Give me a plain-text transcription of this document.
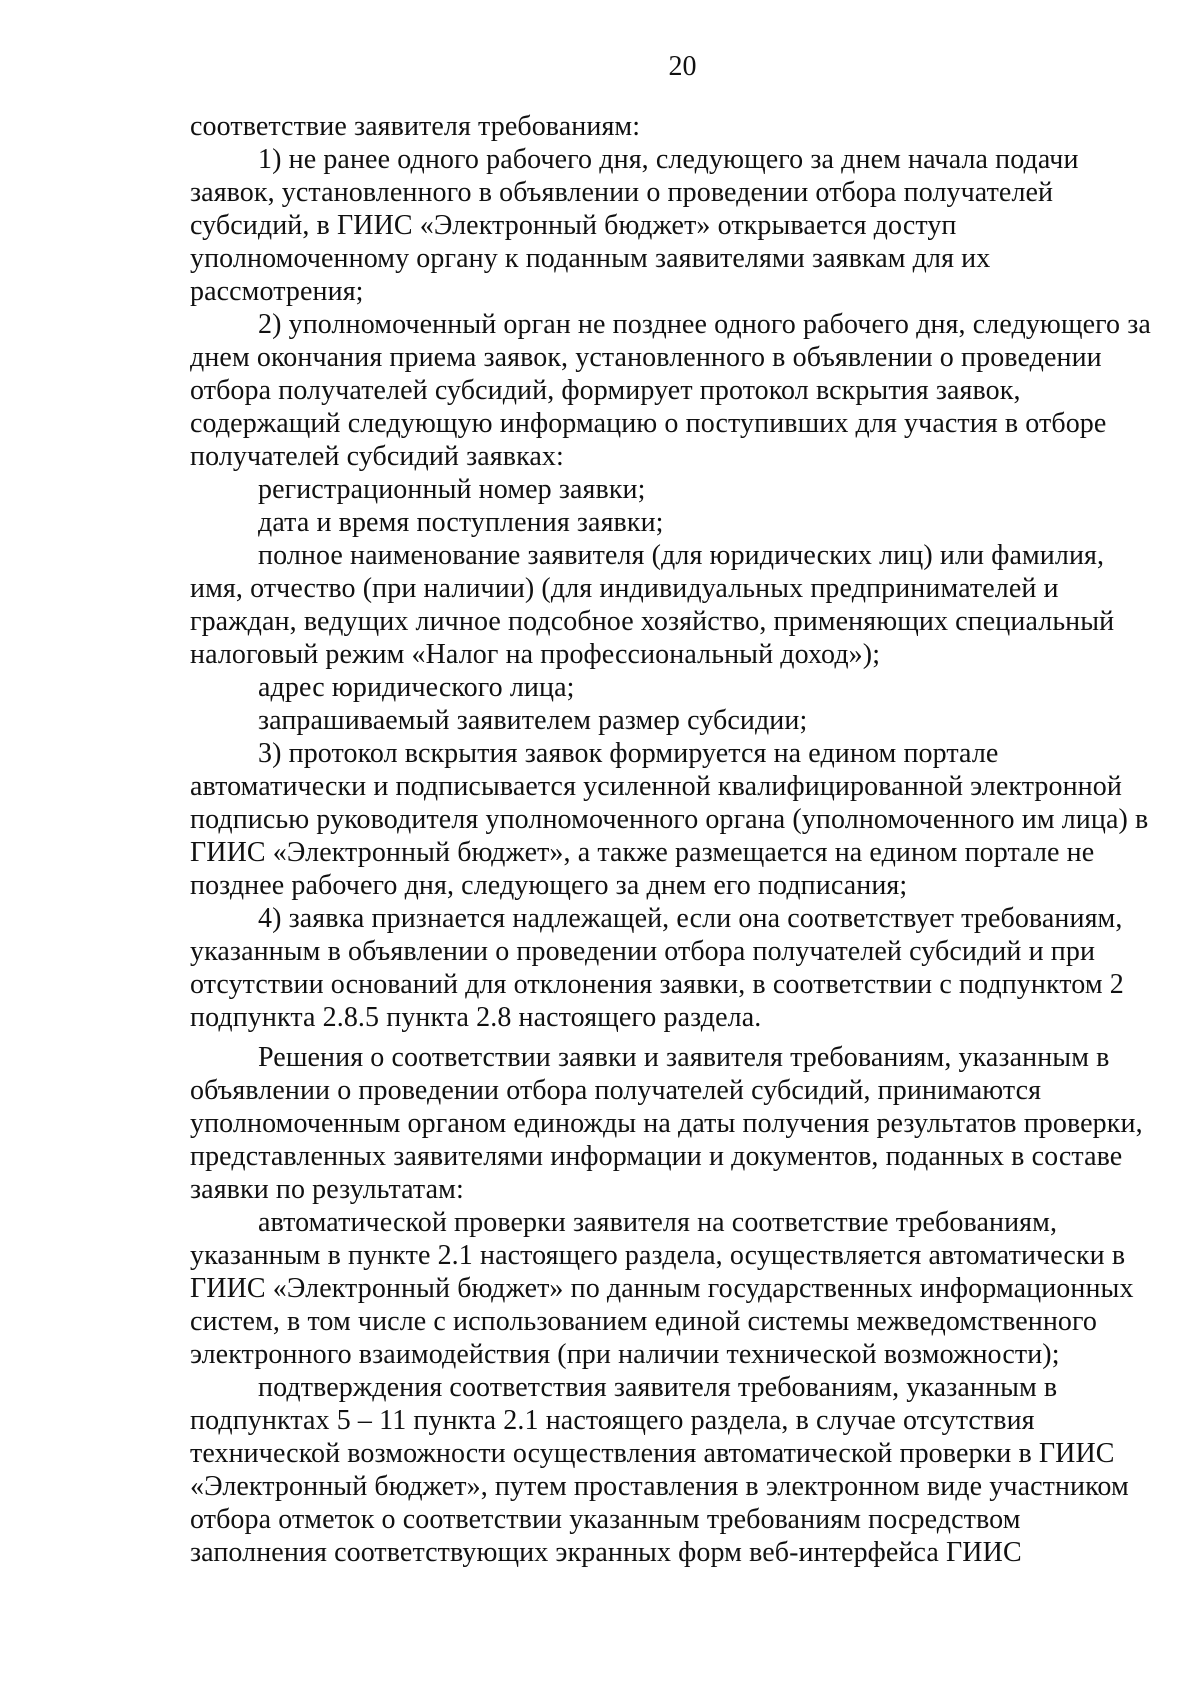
20
соответствие заявителя требованиям:
1) не ранее одного рабочего дня, следующего за днем начала подачи
заявок, установленного в объявлении о проведении отбора получателей
субсидий, в ГИИС «Электронный бюджет» открывается доступ
уполномоченному органу к поданным заявителями заявкам для их
рассмотрения;
2) уполномоченный орган не позднее одного рабочего дня, следующего за
днем окончания приема заявок, установленного в объявлении о проведении
отбора получателей субсидий, формирует протокол вскрытия заявок,
содержащий следующую информацию о поступивших для участия в отборе
получателей субсидий заявках:
регистрационный номер заявки;
дата и время поступления заявки;
полное наименование заявителя (для юридических лиц) или фамилия,
имя, отчество (при наличии) (для индивидуальных предпринимателей и
граждан, ведущих личное подсобное хозяйство, применяющих специальный
налоговый режим «Налог на профессиональный доход»);
адрес юридического лица;
запрашиваемый заявителем размер субсидии;
3) протокол вскрытия заявок формируется на едином портале
автоматически и подписывается усиленной квалифицированной электронной
подписью руководителя уполномоченного органа (уполномоченного им лица) в
ГИИС «Электронный бюджет», а также размещается на едином портале не
позднее рабочего дня, следующего за днем его подписания;
4) заявка признается надлежащей, если она соответствует требованиям,
указанным в объявлении о проведении отбора получателей субсидий и при
отсутствии оснований для отклонения заявки, в соответствии с подпунктом 2
подпункта 2.8.5 пункта 2.8 настоящего раздела.
Решения о соответствии заявки и заявителя требованиям, указанным в
объявлении о проведении отбора получателей субсидий, принимаются
уполномоченным органом единожды на даты получения результатов проверки,
представленных заявителями информации и документов, поданных в составе
заявки по результатам:
автоматической проверки заявителя на соответствие требованиям,
указанным в пункте 2.1 настоящего раздела, осуществляется автоматически в
ГИИС «Электронный бюджет» по данным государственных информационных
систем, в том числе с использованием единой системы межведомственного
электронного взаимодействия (при наличии технической возможности);
подтверждения соответствия заявителя требованиям, указанным в
подпунктах 5 – 11 пункта 2.1 настоящего раздела, в случае отсутствия
технической возможности осуществления автоматической проверки в ГИИС
«Электронный бюджет», путем проставления в электронном виде участником
отбора отметок о соответствии указанным требованиям посредством
заполнения соответствующих экранных форм веб-интерфейса ГИИС
